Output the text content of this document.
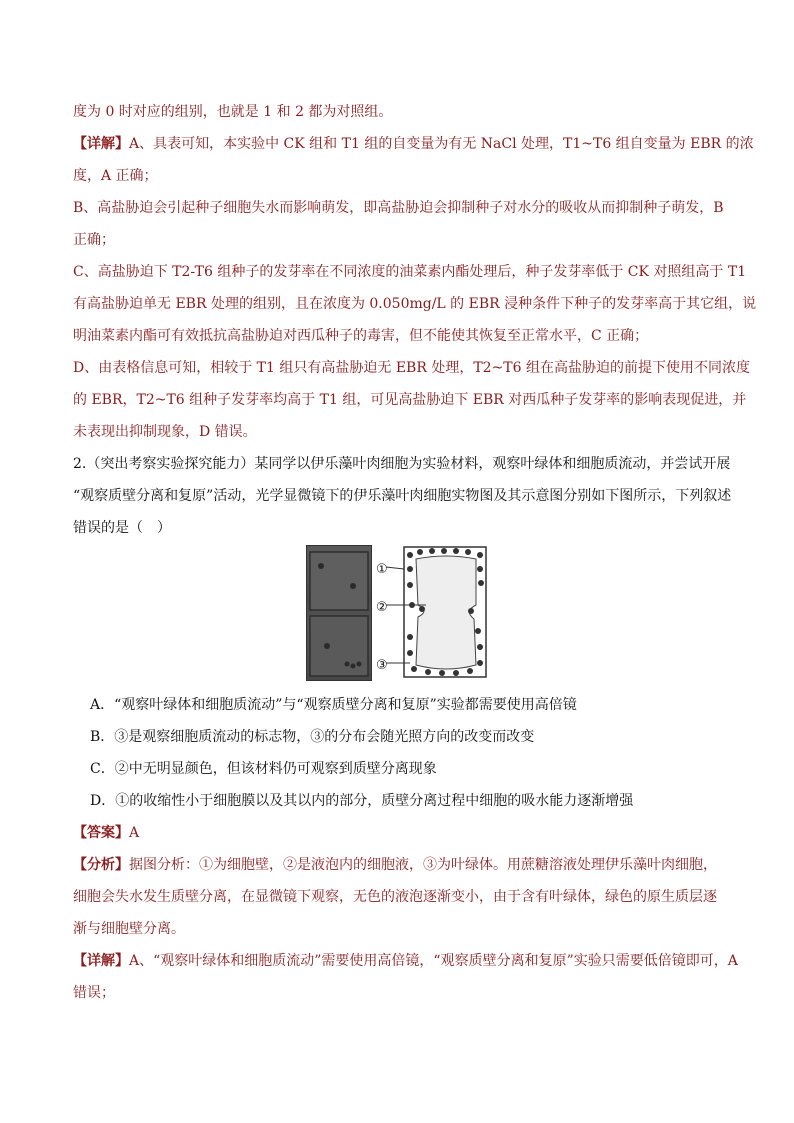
度为 0 时对应的组别，也就是 1 和 2 都为对照组。
【详解】A、具表可知，本实验中 CK 组和 T1 组的自变量为有无 NaCl 处理，T1~T6 组自变量为 EBR 的浓
度，A 正确；
B、高盐胁迫会引起种子细胞失水而影响萌发，即高盐胁迫会抑制种子对水分的吸收从而抑制种子萌发，B
正确；
C、高盐胁迫下 T2-T6 组种子的发芽率在不同浓度的油菜素内酯处理后，种子发芽率低于 CK 对照组高于 T1
有高盐胁迫单无 EBR 处理的组别，且在浓度为 0.050mg/L 的 EBR 浸种条件下种子的发芽率高于其它组，说
明油菜素内酯可有效抵抗高盐胁迫对西瓜种子的毒害，但不能使其恢复至正常水平，C 正确；
D、由表格信息可知，相较于 T1 组只有高盐胁迫无 EBR 处理，T2~T6 组在高盐胁迫的前提下使用不同浓度
的 EBR，T2~T6 组种子发芽率均高于 T1 组，可见高盐胁迫下 EBR 对西瓜种子发芽率的影响表现促进，并
未表现出抑制现象，D 错误。
2.（突出考察实验探究能力）某同学以伊乐藻叶肉细胞为实验材料，观察叶绿体和细胞质流动，并尝试开展
“观察质壁分离和复原”活动，光学显微镜下的伊乐藻叶肉细胞实物图及其示意图分别如下图所示，下列叙述
错误的是（　）
①
②
③
A．“观察叶绿体和细胞质流动”与“观察质壁分离和复原”实验都需要使用高倍镜
B．③是观察细胞质流动的标志物，③的分布会随光照方向的改变而改变
C．②中无明显颜色，但该材料仍可观察到质壁分离现象
D．①的收缩性小于细胞膜以及其以内的部分，质壁分离过程中细胞的吸水能力逐渐增强
【答案】A
【分析】据图分析：①为细胞壁，②是液泡内的细胞液，③为叶绿体。用蔗糖溶液处理伊乐藻叶肉细胞，
细胞会失水发生质壁分离，在显微镜下观察，无色的液泡逐渐变小，由于含有叶绿体，绿色的原生质层逐
渐与细胞壁分离。
【详解】A、“观察叶绿体和细胞质流动”需要使用高倍镜，“观察质壁分离和复原”实验只需要低倍镜即可，A
错误；
